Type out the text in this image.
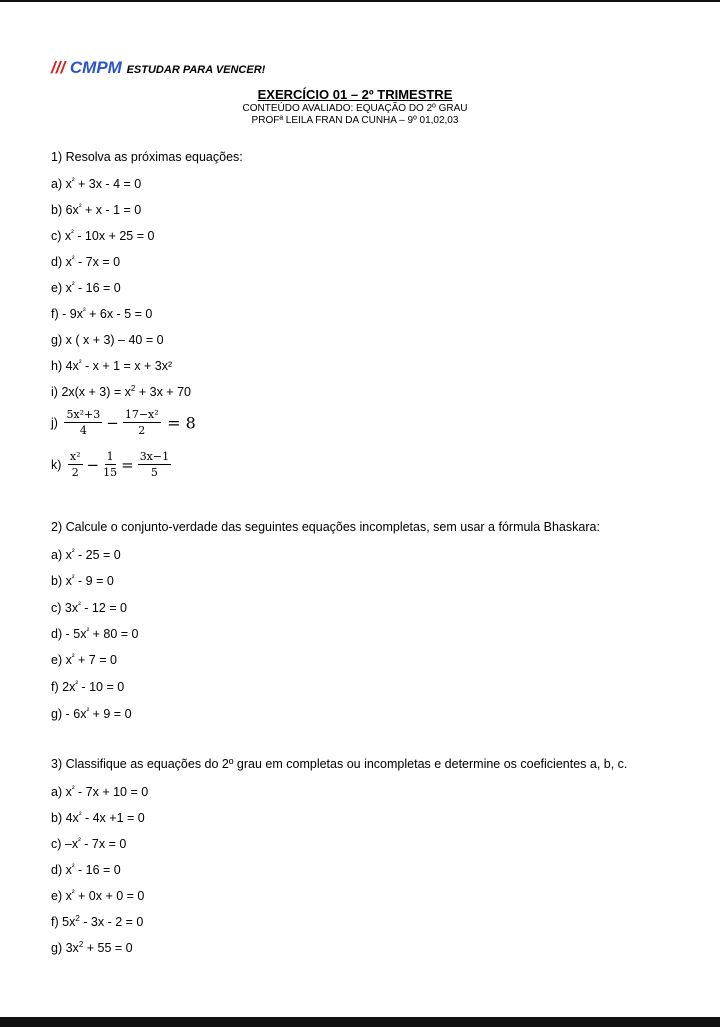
/// CMPM ESTUDAR PARA VENCER!
EXERCÍCIO 01 – 2º TRIMESTRE
CONTEÚDO AVALIADO: EQUAÇÃO DO 2º GRAU
PROFª LEILA FRAN DA CUNHA – 9º 01,02,03
1) Resolva as próximas equações:
a) $x^{^2} + 3x - 4 = 0$
b) $6x^{^2} + x - 1 = 0$
c) $x^{^2} - 10x + 25 = 0$
d) $x^{^2} - 7x = 0$
e) $x^{^2} - 16 = 0$
$f) - 9x^{^2} + 6x - 5 = 0$
g) x ( x + 3) – 40 = 0
h) $4x^{^2} - x + 1 = x + 3x^2$
i) $2x(x + 3) = x^2 + 3x + 70$
$j) \frac{\text{5x²+3}}{4} - \frac{\text{17−x²}}{2} = 8$
$k) \frac{\text{x²}}{2} - \frac{1}{15} = \frac{3x-1}{5}$
2) Calcule o conjunto-verdade das seguintes equações incompletas, sem usar a fórmula Bhaskara:
a) $x^{^2} - 25 = 0$
b) $x^{^2} - 9 = 0$
c) $3x^{^2} - 12 = 0$
$d) - 5x^{^2} + 80 = 0$
e) $x^{^2} + 7 = 0$
f) $2x^{^2} - 10 = 0$
$g) - 6x^{^2} + 9 = 0$
3) Classifique as equações do 2º grau em completas ou incompletas e determine os coeficientes a, b, c.
a) $x^{^2} - 7x + 10 = 0$
b) $4x^{^2} - 4x +1 = 0$
c) $-x^{^2} - 7x = 0$
d) $x^{^2} - 16 = 0$
e) $x^{^2} + 0x + 0 = 0$
f) $5x^2 - 3x - 2 = 0$
g) $3x^2 + 55 = 0$
